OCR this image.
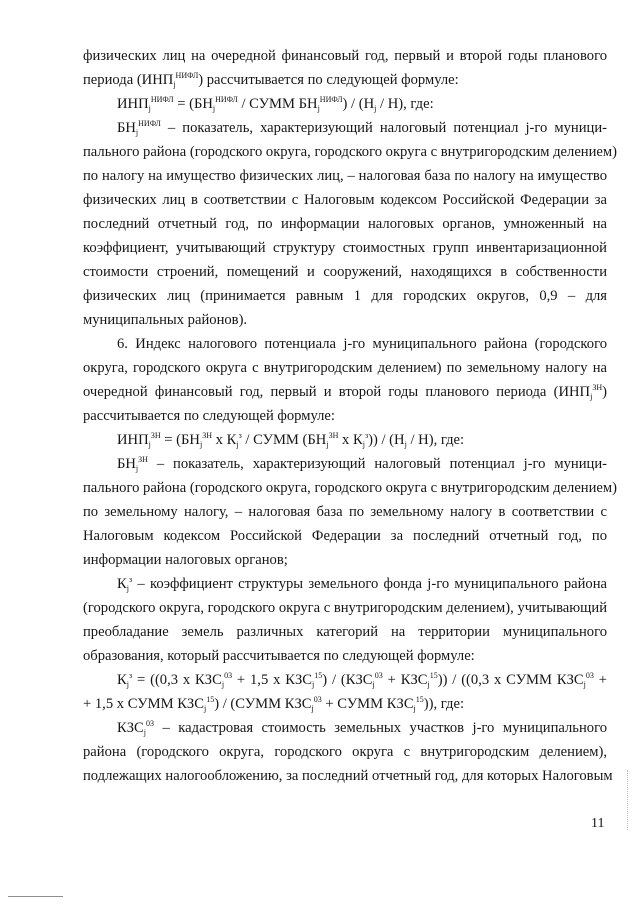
физических лиц на очередной финансовый год, первый и второй годы планового
периода $(ИНП_j^{НИФЛ})$ рассчитывается по следующей формуле:
$ИНП_j^{НИФЛ} = (БН_j^{НИФЛ}$ / СУММ $БН_j^{НИФЛ}) / (Н_j / Н)$, где:
$БН_j^{НИФЛ}$ – показатель, характеризующий налоговый потенциал j-го муници-
пального района (городского округа, городского округа с внутригородским делением)
по налогу на имущество физических лиц, – налоговая база по налогу на имущество
физических лиц в соответствии с Налоговым кодексом Российской Федерации за
последний отчетный год, по информации налоговых органов, умноженный на
коэффициент, учитывающий структуру стоимостных групп инвентаризационной
стоимости строений, помещений и сооружений, находящихся в собственности
физических лиц (принимается равным 1 для городских округов, 0,9 – для
муниципальных районов).
6. Индекс налогового потенциала j-го муниципального района (городского
округа, городского округа с внутригородским делением) по земельному налогу на
очередной финансовый год, первый и второй годы планового периода $(ИНП_j^{ЗН})$
рассчитывается по следующей формуле:
$ИНП_j^{ЗН} = (БН_j^{ЗН}$ х $К_j^з$ / СУММ ($БН_j^{ЗН}$ х $К_j^з)) / (Н_j / Н)$, где:
$БН_j^{ЗН}$ – показатель, характеризующий налоговый потенциал j-го муници-
пального района (городского округа, городского округа с внутригородским делением)
по земельному налогу, – налоговая база по земельному налогу в соответствии с
Налоговым кодексом Российской Федерации за последний отчетный год, по
информации налоговых органов;
$К_j^з$ – коэффициент структуры земельного фонда j-го муниципального района
(городского округа, городского округа с внутригородским делением), учитывающий
преобладание земель различных категорий на территории муниципального
образования, который рассчитывается по следующей формуле:
$К_j^з = ((0,3$ х $КЗС_j^{03} + 1,5$ х $КЗС_j^{15}) / (КЗС_j^{03} + КЗС_j^{15})) / ((0,3$ х СУММ $КЗС_j^{03}$ +
+ 1,5 х СУММ $КЗС_j^{15}$) / (СУММ $КЗС_j^{03}$ + СУММ $КЗС_j^{15}$)), где:
$КЗС_j^{03}$ – кадастровая стоимость земельных участков j-го муниципального
района (городского округа, городского округа с внутригородским делением),
подлежащих налогообложению, за последний отчетный год, для которых Налоговым
11
